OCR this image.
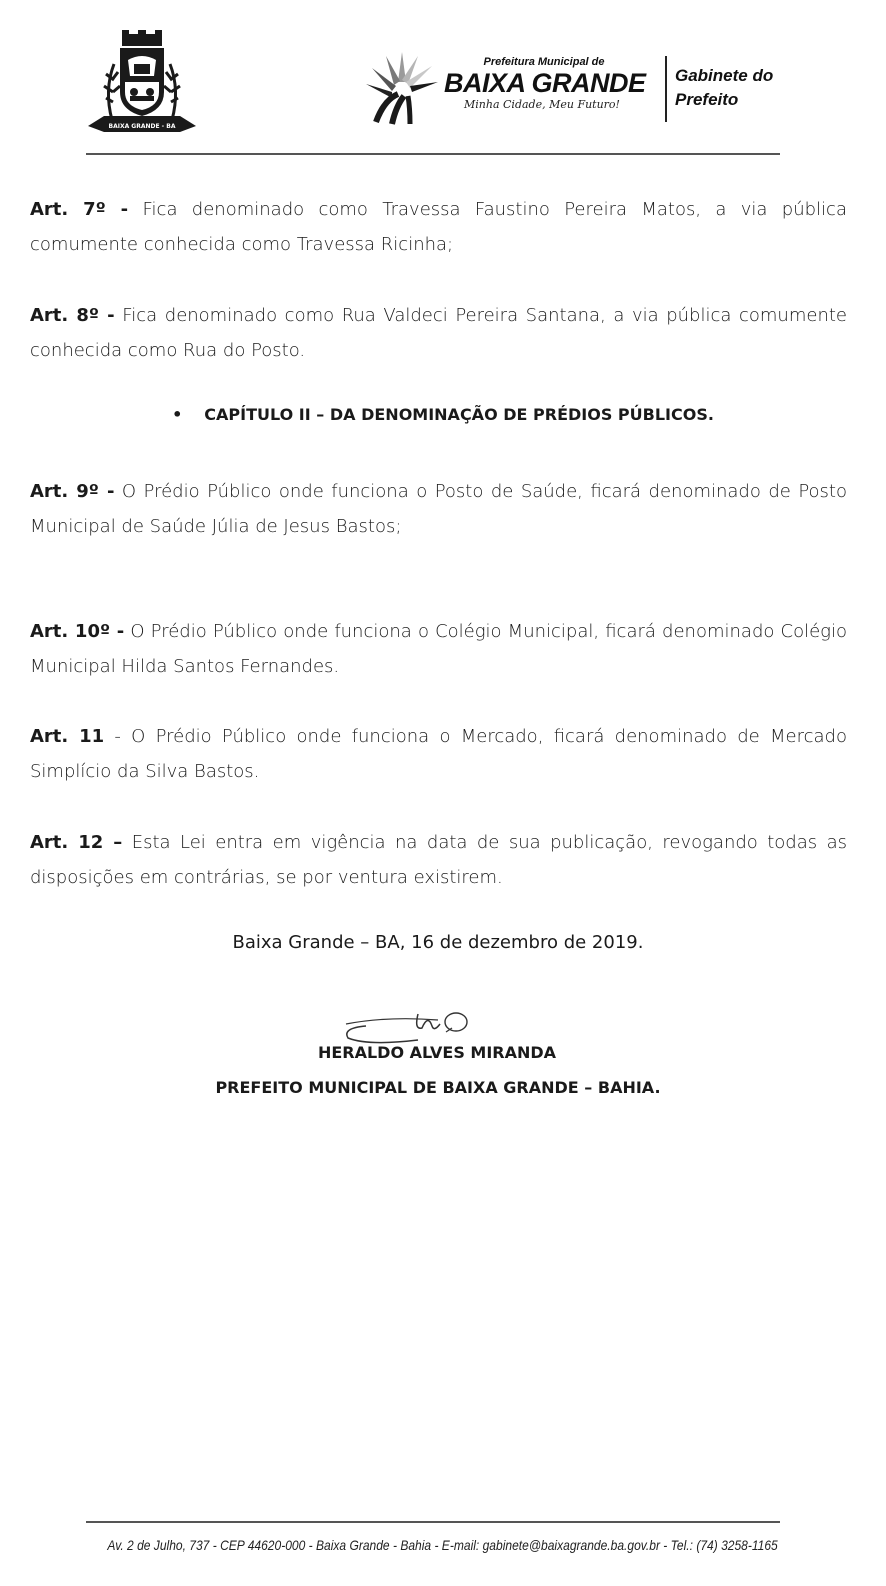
BAIXA GRANDE - BA
Prefeitura Municipal de
BAIXA GRANDE
Minha Cidade, Meu Futuro!
Gabinete do
Prefeito
Art. 7º - Fica denominado como Travessa Faustino Pereira Matos, a via pública comumente conhecida como Travessa Ricinha;
Art. 8º - Fica denominado como Rua Valdeci Pereira Santana, a via pública comumente conhecida como Rua do Posto.
• CAPÍTULO II – DA DENOMINAÇÃO DE PRÉDIOS PÚBLICOS.
Art. 9º - O Prédio Público onde funciona o Posto de Saúde, ficará denominado de Posto Municipal de Saúde Júlia de Jesus Bastos;
Art. 10º - O Prédio Público onde funciona o Colégio Municipal, ficará denominado Colégio Municipal Hilda Santos Fernandes.
Art. 11 - O Prédio Público onde funciona o Mercado, ficará denominado de Mercado Simplício da Silva Bastos.
Art. 12 – Esta Lei entra em vigência na data de sua publicação, revogando todas as disposições em contrárias, se por ventura existirem.
Baixa Grande – BA, 16 de dezembro de 2019.
HERALDO ALVES MIRANDA
PREFEITO MUNICIPAL DE BAIXA GRANDE – BAHIA.
Av. 2 de Julho, 737 - CEP 44620-000 - Baixa Grande - Bahia - E-mail: gabinete@baixagrande.ba.gov.br - Tel.: (74) 3258-1165
